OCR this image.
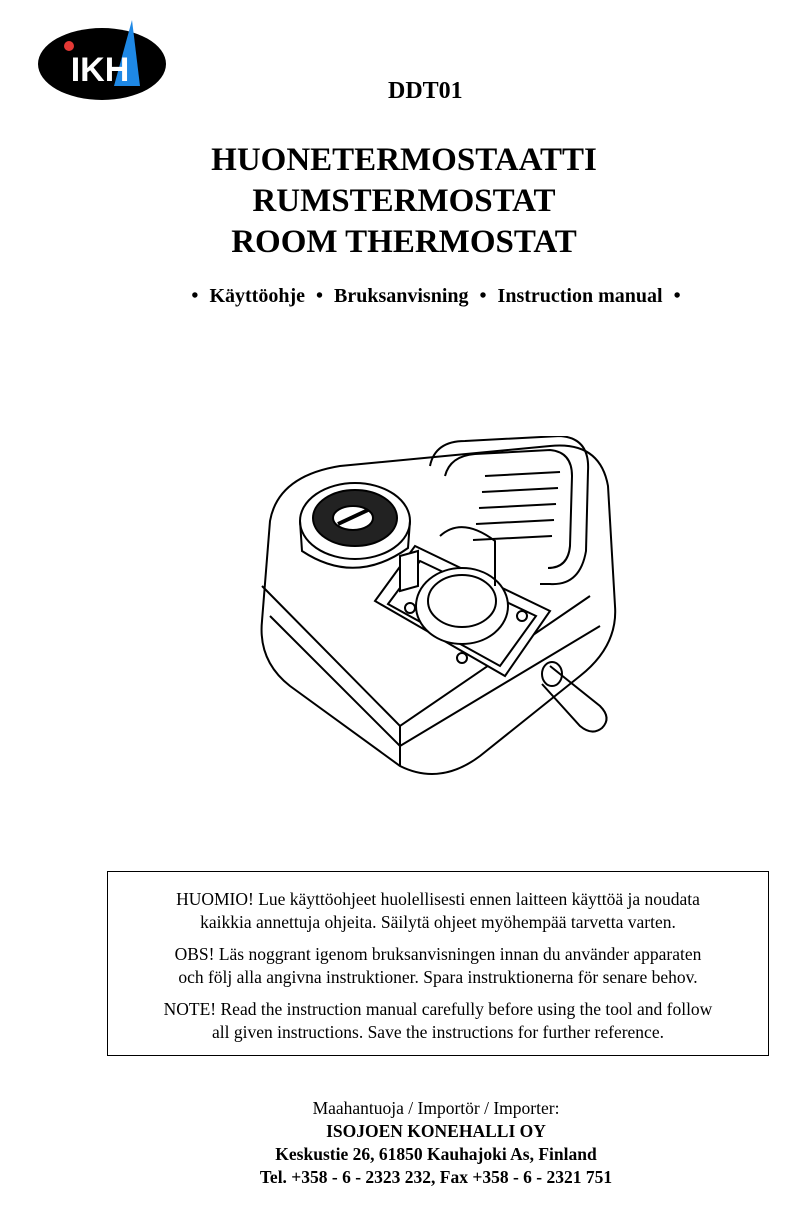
IKH
DDT01
HUONETERMOSTAATTI
RUMSTERMOSTAT
ROOM THERMOSTAT
• Käyttöohje • Bruksanvisning • Instruction manual •

HUOMIO! Lue käyttöohjeet huolellisesti ennen laitteen käyttöä ja noudata
kaikkia annettuja ohjeita. Säilytä ohjeet myöhempää tarvetta varten.

OBS! Läs noggrant igenom bruksanvisningen innan du använder apparaten
och följ alla angivna instruktioner. Spara instruktionerna för senare behov.

NOTE! Read the instruction manual carefully before using the tool and follow
all given instructions. Save the instructions for further reference.

Maahantuoja / Importör / Importer:
ISOJOEN KONEHALLI OY
Keskustie 26, 61850 Kauhajoki As, Finland
Tel. +358 - 6 - 2323 232, Fax +358 - 6 - 2321 751
